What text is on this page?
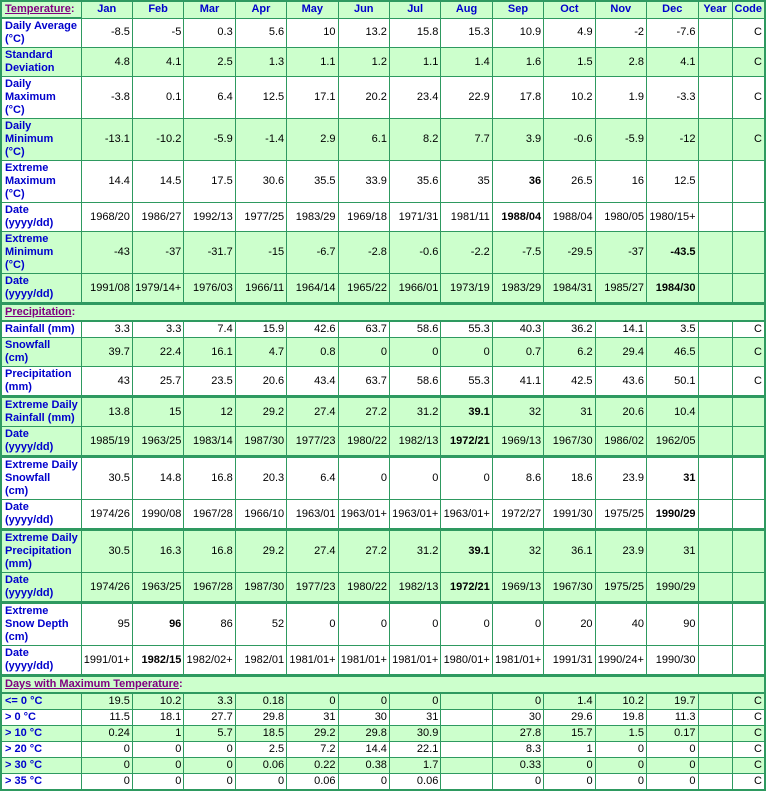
Temperature:	Jan	Feb	Mar	Apr	May	Jun	Jul	Aug	Sep	Oct	Nov	Dec	Year	Code
Daily Average
(°C)	-8.5	-5	0.3	5.6	10	13.2	15.8	15.3	10.9	4.9	-2	-7.6		C
Standard
Deviation	4.8	4.1	2.5	1.3	1.1	1.2	1.1	1.4	1.6	1.5	2.8	4.1		C
Daily
Maximum
(°C)	-3.8	0.1	6.4	12.5	17.1	20.2	23.4	22.9	17.8	10.2	1.9	-3.3		C
Daily
Minimum
(°C)	-13.1	-10.2	-5.9	-1.4	2.9	6.1	8.2	7.7	3.9	-0.6	-5.9	-12		C
Extreme
Maximum
(°C)	14.4	14.5	17.5	30.6	35.5	33.9	35.6	35	36	26.5	16	12.5		
Date
(yyyy/dd)	1968/20	1986/27	1992/13	1977/25	1983/29	1969/18	1971/31	1981/11	1988/04	1988/04	1980/05	1980/15+		
Extreme
Minimum
(°C)	-43	-37	-31.7	-15	-6.7	-2.8	-0.6	-2.2	-7.5	-29.5	-37	-43.5		
Date
(yyyy/dd)	1991/08	1979/14+	1976/03	1966/11	1964/14	1965/22	1966/01	1973/19	1983/29	1984/31	1985/27	1984/30		
Precipitation:														
Rainfall (mm)	3.3	3.3	7.4	15.9	42.6	63.7	58.6	55.3	40.3	36.2	14.1	3.5		C
Snowfall
(cm)	39.7	22.4	16.1	4.7	0.8	0	0	0	0.7	6.2	29.4	46.5		C
Precipitation
(mm)	43	25.7	23.5	20.6	43.4	63.7	58.6	55.3	41.1	42.5	43.6	50.1		C
Extreme Daily
Rainfall (mm)	13.8	15	12	29.2	27.4	27.2	31.2	39.1	32	31	20.6	10.4		
Date
(yyyy/dd)	1985/19	1963/25	1983/14	1987/30	1977/23	1980/22	1982/13	1972/21	1969/13	1967/30	1986/02	1962/05		
Extreme Daily
Snowfall
(cm)	30.5	14.8	16.8	20.3	6.4	0	0	0	8.6	18.6	23.9	31		
Date
(yyyy/dd)	1974/26	1990/08	1967/28	1966/10	1963/01	1963/01+	1963/01+	1963/01+	1972/27	1991/30	1975/25	1990/29		
Extreme Daily
Precipitation
(mm)	30.5	16.3	16.8	29.2	27.4	27.2	31.2	39.1	32	36.1	23.9	31		
Date
(yyyy/dd)	1974/26	1963/25	1967/28	1987/30	1977/23	1980/22	1982/13	1972/21	1969/13	1967/30	1975/25	1990/29		
Extreme
Snow Depth
(cm)	95	96	86	52	0	0	0	0	0	20	40	90		
Date
(yyyy/dd)	1991/01+	1982/15	1982/02+	1982/01	1981/01+	1981/01+	1981/01+	1980/01+	1981/01+	1991/31	1990/24+	1990/30		
Days with Maximum Temperature:														
<= 0 °C	19.5	10.2	3.3	0.18	0	0	0		0	1.4	10.2	19.7		C
> 0 °C	11.5	18.1	27.7	29.8	31	30	31		30	29.6	19.8	11.3		C
> 10 °C	0.24	1	5.7	18.5	29.2	29.8	30.9		27.8	15.7	1.5	0.17		C
> 20 °C	0	0	0	2.5	7.2	14.4	22.1		8.3	1	0	0		C
> 30 °C	0	0	0	0.06	0.22	0.38	1.7		0.33	0	0	0		C
> 35 °C	0	0	0	0	0.06	0	0.06		0	0	0	0		C
